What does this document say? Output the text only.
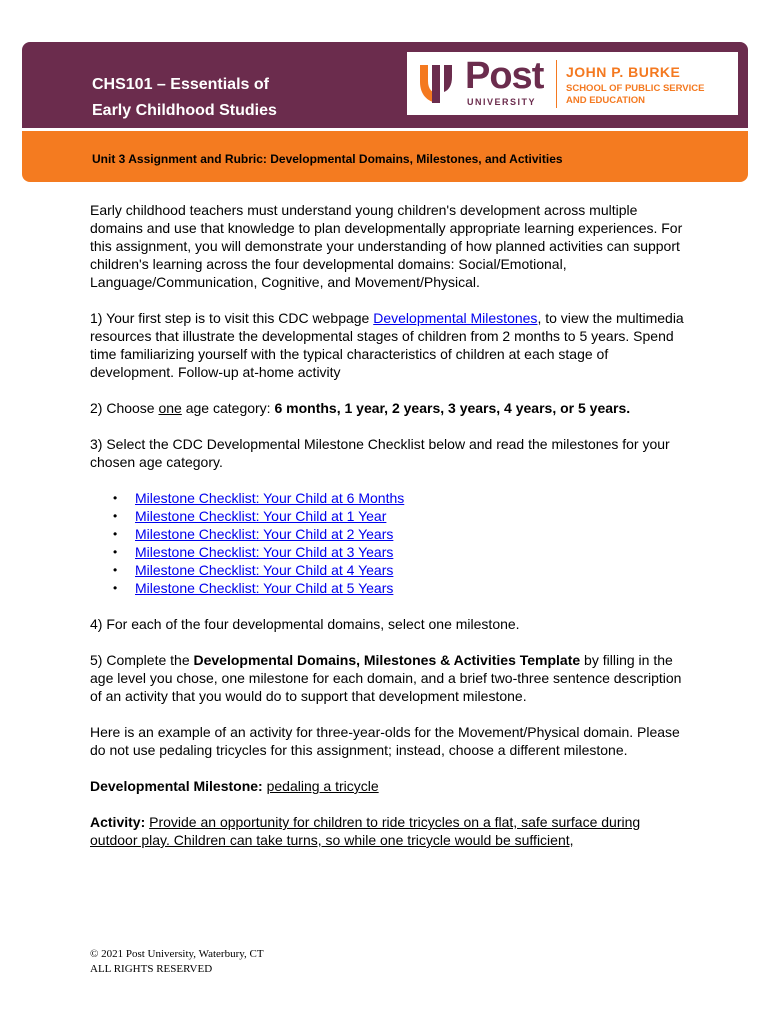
CHS101 – Essentials of
Early Childhood Studies
Post
UNIVERSITY
JOHN P. BURKE
SCHOOL OF PUBLIC SERVICE
AND EDUCATION
Unit 3 Assignment and Rubric: Developmental Domains, Milestones, and Activities

Early childhood teachers must understand young children's development across multiple domains and use that knowledge to plan developmentally appropriate learning experiences. For this assignment, you will demonstrate your understanding of how planned activities can support children's learning across the four developmental domains: Social/Emotional, Language/Communication, Cognitive, and Movement/Physical.

1) Your first step is to visit this CDC webpage Developmental Milestones, to view the multimedia resources that illustrate the developmental stages of children from 2 months to 5 years. Spend time familiarizing yourself with the typical characteristics of children at each stage of development. Follow-up at-home activity

2) Choose one age category: 6 months, 1 year, 2 years, 3 years, 4 years, or 5 years.

3) Select the CDC Developmental Milestone Checklist below and read the milestones for your chosen age category.

• Milestone Checklist: Your Child at 6 Months
• Milestone Checklist: Your Child at 1 Year
• Milestone Checklist: Your Child at 2 Years
• Milestone Checklist: Your Child at 3 Years
• Milestone Checklist: Your Child at 4 Years
• Milestone Checklist: Your Child at 5 Years

4) For each of the four developmental domains, select one milestone.

5) Complete the Developmental Domains, Milestones & Activities Template by filling in the age level you chose, one milestone for each domain, and a brief two-three sentence description of an activity that you would do to support that development milestone.

Here is an example of an activity for three-year-olds for the Movement/Physical domain. Please do not use pedaling tricycles for this assignment; instead, choose a different milestone.

Developmental Milestone: pedaling a tricycle

Activity: Provide an opportunity for children to ride tricycles on a flat, safe surface during outdoor play. Children can take turns, so while one tricycle would be sufficient,

© 2021 Post University, Waterbury, CT
ALL RIGHTS RESERVED
